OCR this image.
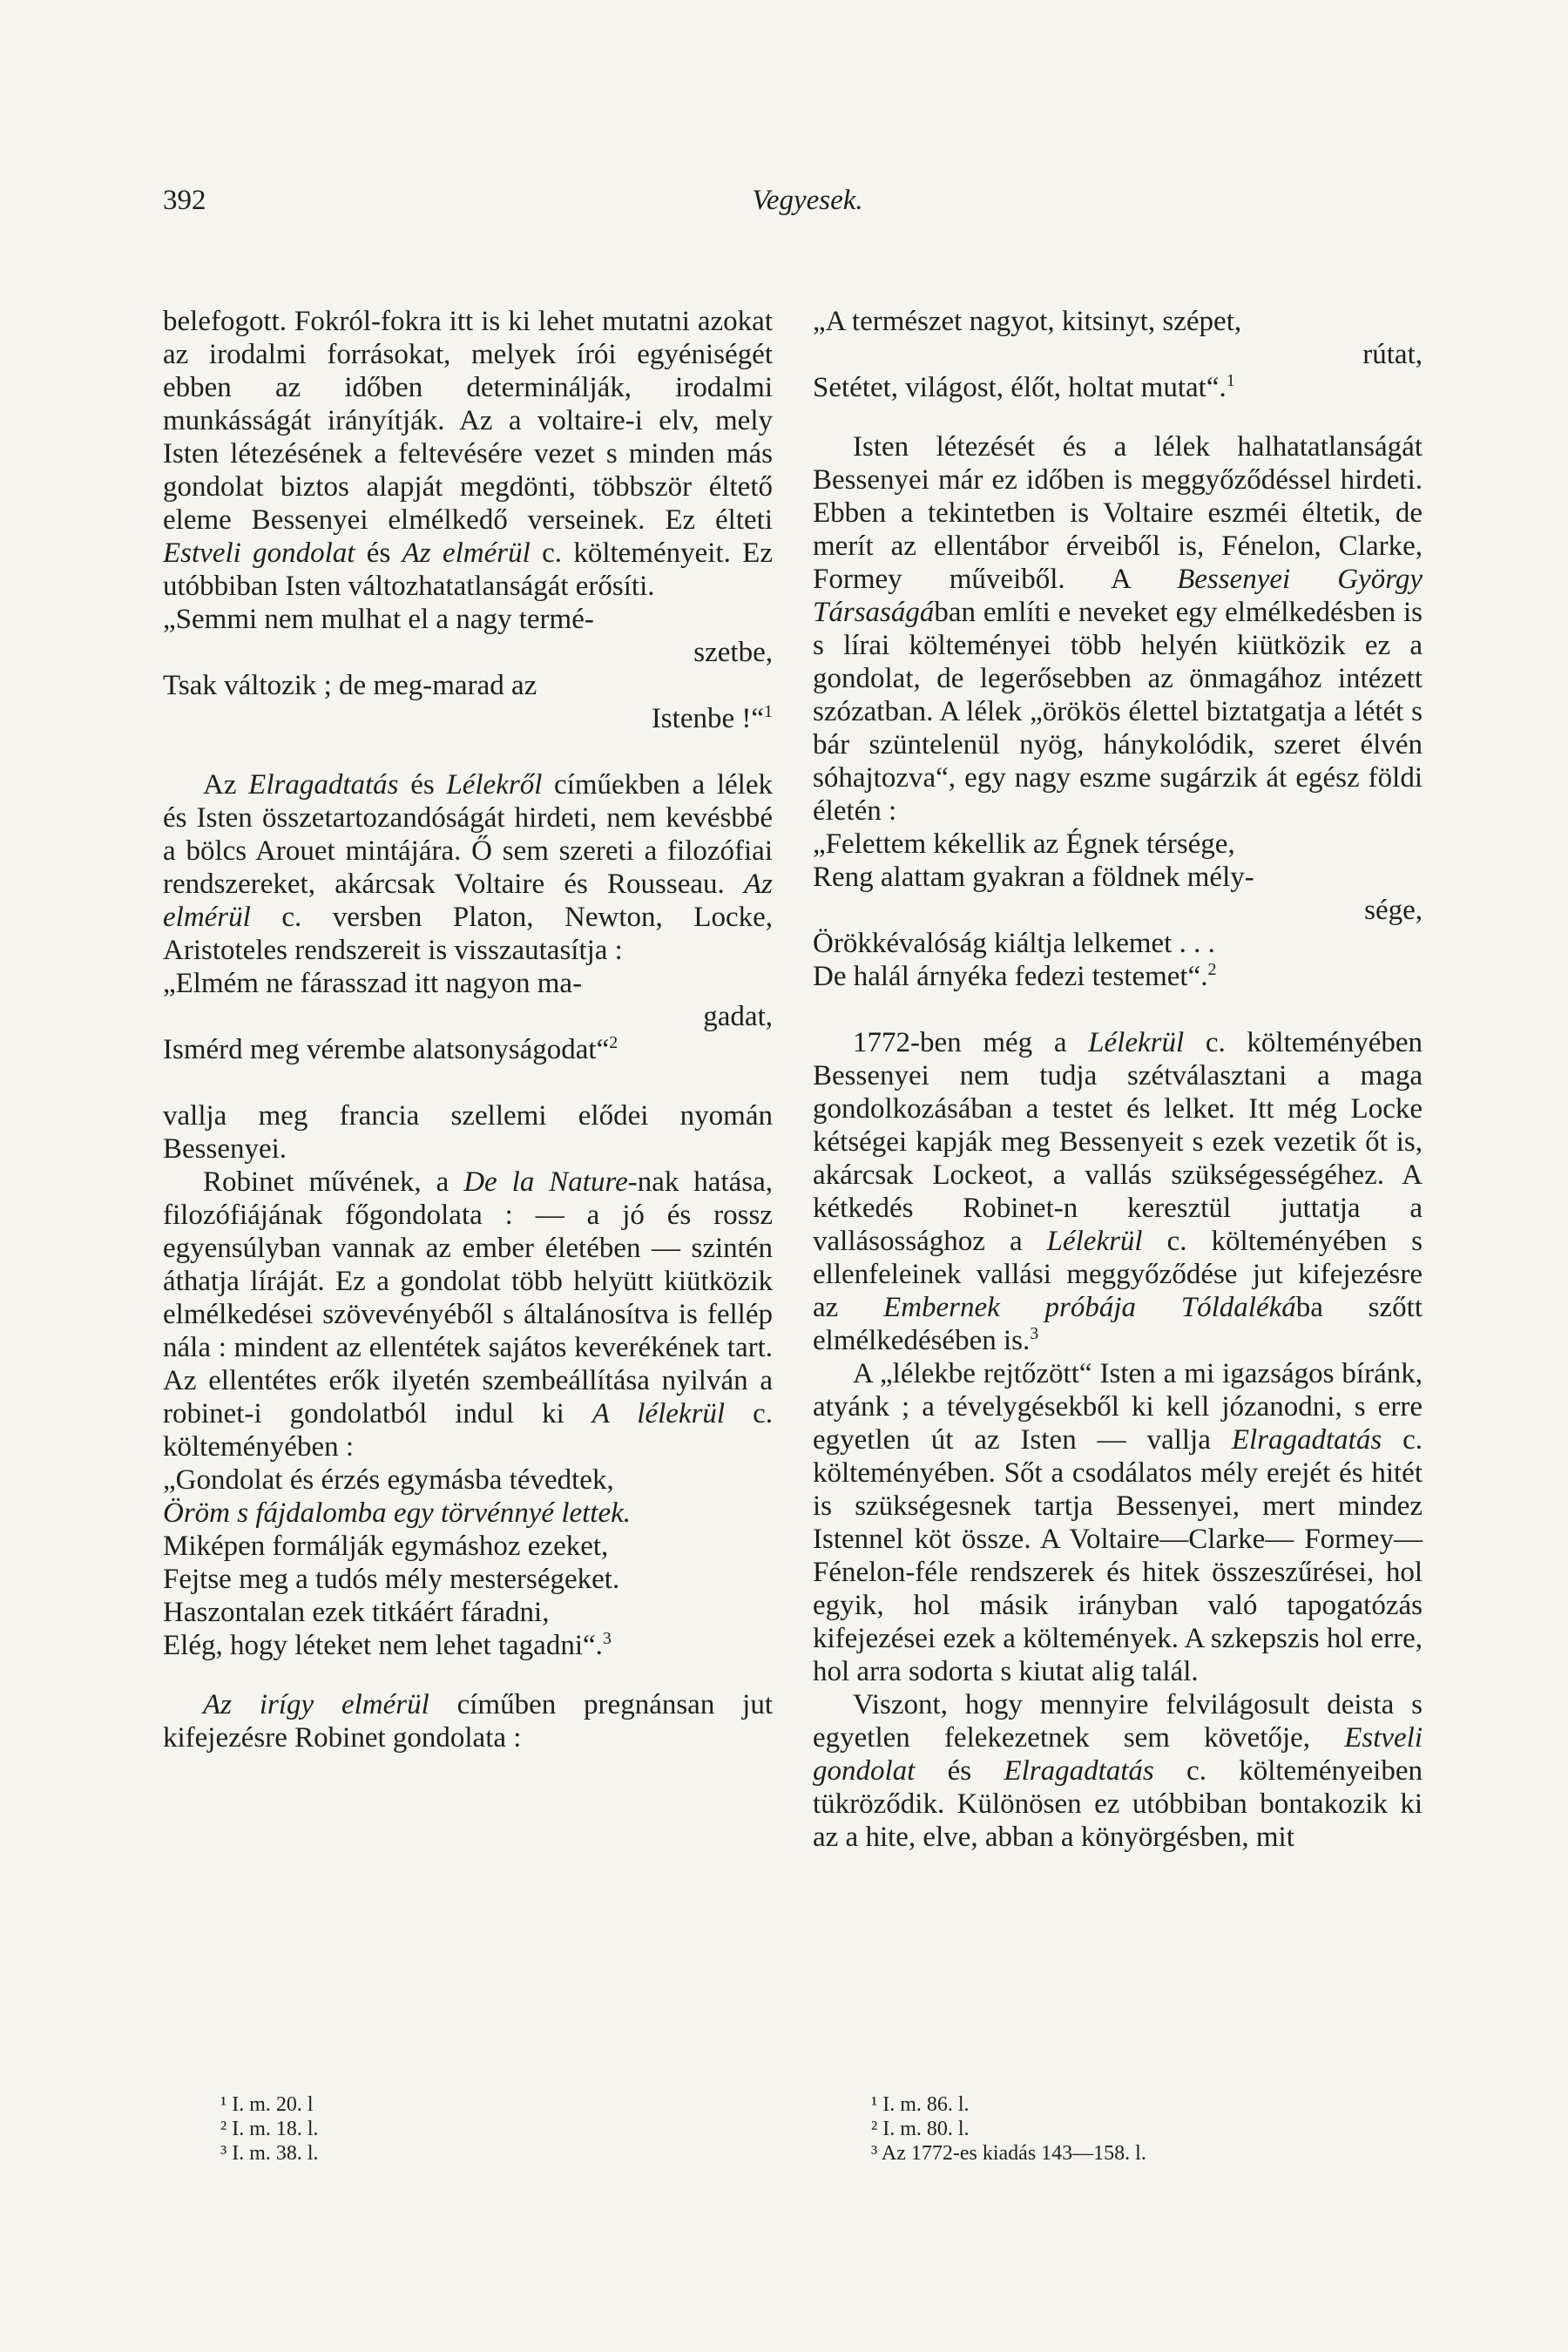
392	Vegyesek.

belefogott. Fokról-fokra itt is ki lehet mutatni azokat az irodalmi forrásokat, melyek írói egyéniségét ebben az időben determinálják, irodalmi munkásságát irányítják. Az a voltaire-i elv, mely Isten létezésének a feltevésére vezet s minden más gondolat biztos alapját megdönti, többször éltető eleme Bessenyei elmélkedő verseinek. Ez élteti Estveli gondolat és Az elmérül c. költeményeit. Ez utóbbiban Isten változhatatlanságát erősíti.

„Semmi nem mulhat el a nagy termé-
szetbe,
Tsak változik ; de meg-marad az
Istenbe !“$^1$

Az Elragadtatás és Lélekről címűekben a lélek és Isten összetartozandóságát hirdeti, nem kevésbbé a bölcs Arouet mintájára. Ő sem szereti a filozófiai rendszereket, akárcsak Voltaire és Rousseau. Az elmérül c. versben Platon, Newton, Locke, Aristoteles rendszereit is visszautasítja :

„Elmém ne fárasszad itt nagyon ma-
gadat,
Ismérd meg vérembe alatsonyságodat“$^2$

vallja meg francia szellemi elődei nyomán Bessenyei.

Robinet művének, a De la Nature-nak hatása, filozófiájának főgondolata : — a jó és rossz egyensúlyban vannak az ember életében — szintén áthatja líráját. Ez a gondolat több helyütt kiütközik elmélkedései szövevényéből s általánosítva is fellép nála : mindent az ellentétek sajátos keverékének tart. Az ellentétes erők ilyetén szembeállítása nyilván a robinet-i gondolatból indul ki A lélekrül c. költeményében :

„Gondolat és érzés egymásba tévedtek,
Öröm s fájdalomba egy törvénnyé lettek.
Miképen formálják egymáshoz ezeket,
Fejtse meg a tudós mély mesterségeket.
Haszontalan ezek titkáért fáradni,
Elég, hogy léteket nem lehet tagadni“.$^3$

Az irígy elmérül címűben pregnánsan jut kifejezésre Robinet gondolata :

„A természet nagyot, kitsinyt, szépet,
rútat,
Setétet, világost, élőt, holtat mutat“.$^1$

Isten létezését és a lélek halhatatlanságát Bessenyei már ez időben is meggyőződéssel hirdeti. Ebben a tekintetben is Voltaire eszméi éltetik, de merít az ellentábor érveiből is, Fénelon, Clarke, Formey műveiből. A Bessenyei György Társaságában említi e neveket egy elmélkedésben is s lírai költeményei több helyén kiütközik ez a gondolat, de legerősebben az önmagához intézett szózatban. A lélek „örökös élettel biztatgatja a létét s bár szüntelenül nyög, hánykolódik, szeret élvén sóhajtozva“, egy nagy eszme sugárzik át egész földi életén :

„Felettem kékellik az Égnek térsége,
Reng alattam gyakran a földnek mély-
sége,
Örökkévalóság kiáltja lelkemet . . .
De halál árnyéka fedezi testemet“.$^2$

1772-ben még a Lélekrül c. költeményében Bessenyei nem tudja szétválasztani a maga gondolkozásában a testet és lelket. Itt még Locke kétségei kapják meg Bessenyeit s ezek vezetik őt is, akárcsak Lockeot, a vallás szükségességéhez. A kétkedés Robinet-n keresztül juttatja a vallásossághoz a Lélekrül c. költeményében s ellenfeleinek vallási meggyőződése jut kifejezésre az Embernek próbája Tóldalékába szőtt elmélkedésében is.$^3$

A „lélekbe rejtőzött“ Isten a mi igazságos bíránk, atyánk ; a tévelygésekből ki kell józanodni, s erre egyetlen út az Isten — vallja Elragadtatás c. költeményében. Sőt a csodálatos mély erejét és hitét is szükségesnek tartja Bessenyei, mert mindez Istennel köt össze. A Voltaire—Clarke— Formey— Fénelon-féle rendszerek és hitek összeszűrései, hol egyik, hol másik irányban való tapogatózás kifejezései ezek a költemények. A szkepszis hol erre, hol arra sodorta s kiutat alig talál.

Viszont, hogy mennyire felvilágosult deista s egyetlen felekezetnek sem követője, Estveli gondolat és Elragadtatás c. költeményeiben tükröződik. Különösen ez utóbbiban bontakozik ki az a hite, elve, abban a könyörgésben, mit

¹ I. m. 20. l
² I. m. 18. l.
³ I. m. 38. l.
¹ I. m. 86. l.
² I. m. 80. l.
³ Az 1772-es kiadás 143—158. l.
